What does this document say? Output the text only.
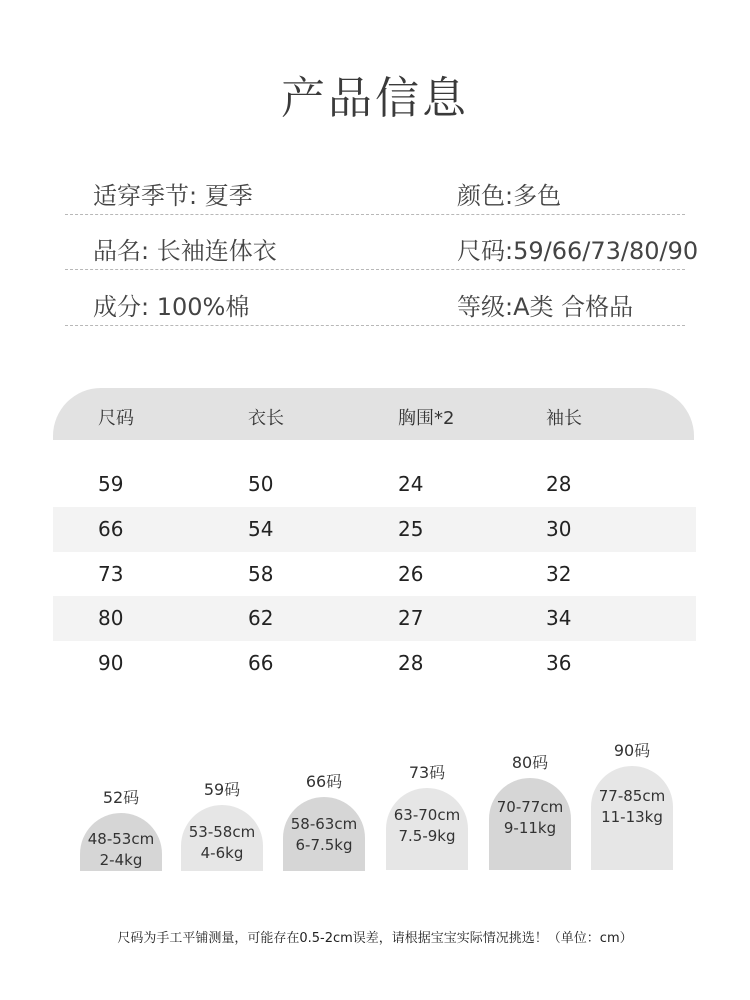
产品信息
适穿季节: 夏季	颜色:多色
品名: 长袖连体衣	尺码:59/66/73/80/90
成分: 100%棉	等级:A类 合格品
尺码	衣长	胸围*2	袖长
59	50	24	28
66	54	25	30
73	58	26	32
80	62	27	34
90	66	28	36
52码
48-53cm
2-4kg
59码
53-58cm
4-6kg
66码
58-63cm
6-7.5kg
73码
63-70cm
7.5-9kg
80码
70-77cm
9-11kg
90码
77-85cm
11-13kg
尺码为手工平铺测量，可能存在0.5-2cm误差，请根据宝宝实际情况挑选！（单位：cm）
